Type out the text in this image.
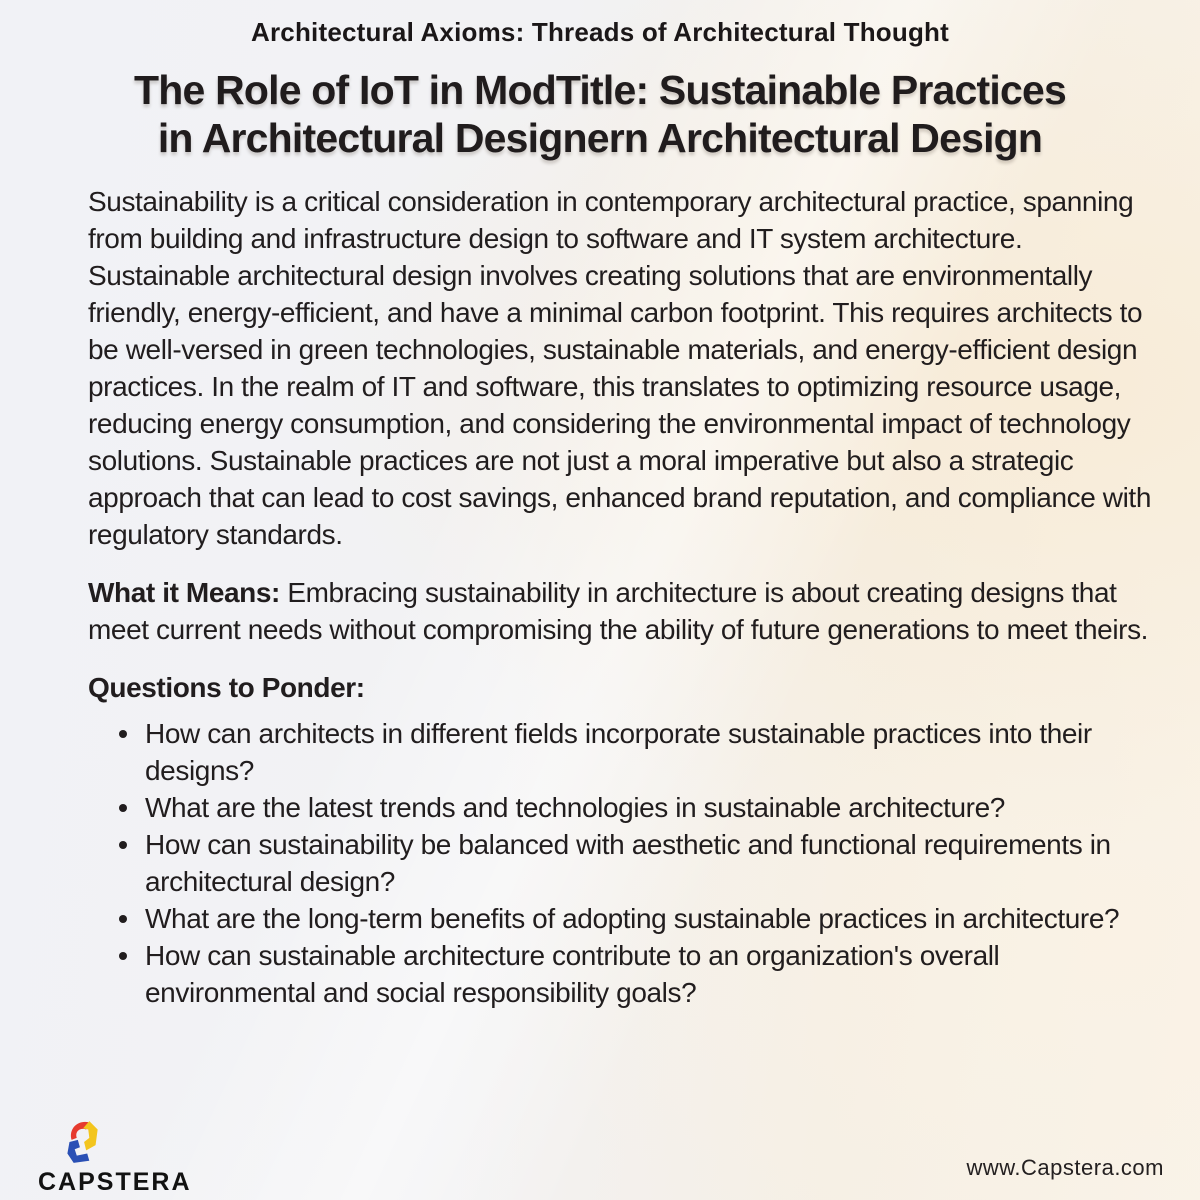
Architectural Axioms: Threads of Architectural Thought
The Role of IoT in ModTitle: Sustainable Practices
in Architectural Designern Architectural Design

Sustainability is a critical consideration in contemporary architectural practice, spanning from building and infrastructure design to software and IT system architecture. Sustainable architectural design involves creating solutions that are environmentally friendly, energy-efficient, and have a minimal carbon footprint. This requires architects to be well-versed in green technologies, sustainable materials, and energy-efficient design practices. In the realm of IT and software, this translates to optimizing resource usage, reducing energy consumption, and considering the environmental impact of technology solutions. Sustainable practices are not just a moral imperative but also a strategic approach that can lead to cost savings, enhanced brand reputation, and compliance with regulatory standards.

What it Means: Embracing sustainability in architecture is about creating designs that meet current needs without compromising the ability of future generations to meet theirs.

Questions to Ponder:
How can architects in different fields incorporate sustainable practices into their designs?
What are the latest trends and technologies in sustainable architecture?
How can sustainability be balanced with aesthetic and functional requirements in architectural design?
What are the long-term benefits of adopting sustainable practices in architecture?
How can sustainable architecture contribute to an organization's overall environmental and social responsibility goals?
CAPSTERA
www.Capstera.com
